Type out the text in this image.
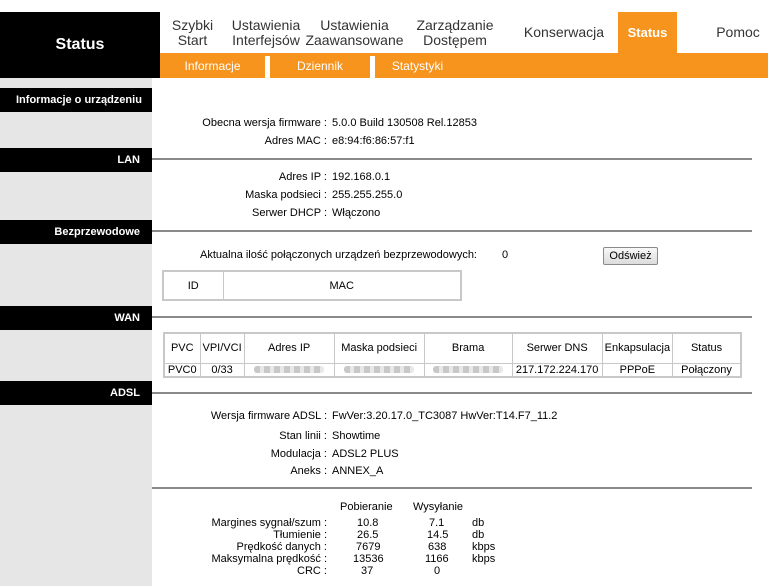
Status
Szybki
Start
Ustawienia
Interfejsów
Ustawienia
Zaawansowane
Zarządzanie
Dostępem	Konserwacja Status	Pomoc
Informacje	Dziennik	Statystyki
Informacje o urządzeniu
LAN
Bezprzewodowe
WAN
ADSL
Obecna wersja firmware : 5.0.0 Build 130508 Rel.12853
Adres MAC : e8:94:f6:86:57:f1
Adres IP : 192.168.0.1
Maska podsieci : 255.255.255.0
Serwer DHCP : Włączono
Aktualna ilość połączonych urządzeń bezprzewodowych: 0	Odśwież
ID	MAC
PVC	VPI/VCI	Adres IP	Maska podsieci	Brama	Serwer DNS	Enkapsulacja	Status
PVC0	0/33				217.172.224.170	PPPoE	Połączony
Wersja firmware ADSL : FwVer:3.20.17.0_TC3087 HwVer:T14.F7_11.2
Stan linii : Showtime
Modulacja : ADSL2 PLUS
Aneks : ANNEX_A
Pobieranie Wysyłanie
Margines sygnał/szum :	10.8	7.1	db
Tłumienie :	26.5	14.5 db
Prędkość danych :	7679	638 kbps
Maksymalna prędkość : 13536	1166 kbps
CRC :	37	0
